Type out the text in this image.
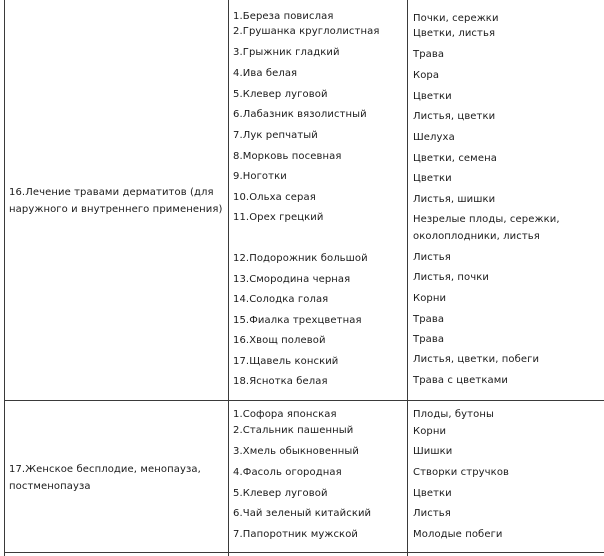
16.Лечение травами дерматитов (для
наружного и внутреннего применения)
1.Береза повислая	Почки, сережки
2.Грушанка круглолистная	Цветки, листья
3.Грыжник гладкий	Трава
4.Ива белая	Кора
5.Клевер луговой	Цветки
6.Лабазник вязолистный	Листья, цветки
7.Лук репчатый	Шелуха
8.Морковь посевная	Цветки, семена
9.Ноготки	Цветки
10.Ольха серая	Листья, шишки
11.Орех грецкий	Незрелые плоды, сережки,
околоплодники, листья
12.Подорожник большой	Листья
13.Смородина черная	Листья, почки
14.Солодка голая	Корни
15.Фиалка трехцветная	Трава
16.Хвощ полевой	Трава
17.Щавель конский	Листья, цветки, побеги
18.Яснотка белая	Трава с цветками
17.Женское бесплодие, менопауза,
постменопауза
1.Софора японская	Плоды, бутоны
2.Стальник пашенный	Корни
3.Хмель обыкновенный	Шишки
4.Фасоль огородная	Створки стручков
5.Клевер луговой	Цветки
6.Чай зеленый китайский	Листья
7.Папоротник мужской	Молодые побеги
